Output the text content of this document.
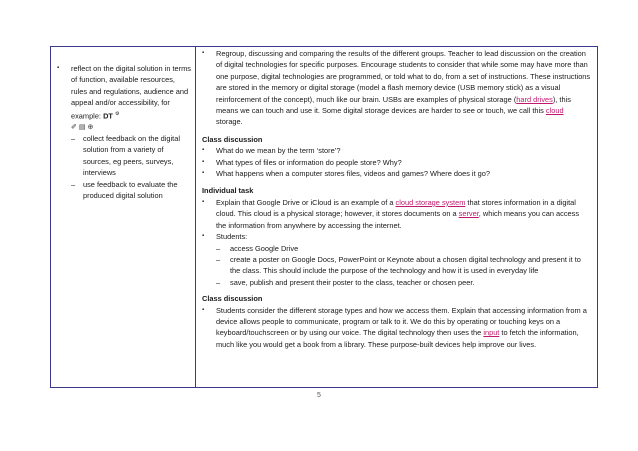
▪	reflect on the digital solution in terms of function, available resources, rules and regulations, audience and appeal and/or accessibility, for example: DT ⚙
✐ ▤ ⊕
–	collect feedback on the digital solution from a variety of sources, eg peers, surveys, interviews
–	use feedback to evaluate the produced digital solution
▪	Regroup, discussing and comparing the results of the different groups. Teacher to lead discussion on the creation of digital technologies for specific purposes. Encourage students to consider that while some may have more than one purpose, digital technologies are programmed, or told what to do, from a set of instructions. These instructions are stored in the memory or digital storage (model a flash memory device (USB memory stick) as a visual reinforcement of the concept), much like our brain. USBs are examples of physical storage (hard drives), this means we can touch and use it. Some digital storage devices are harder to see or touch, we call this cloud storage.

Class discussion
▪	What do we mean by the term ‘store’?
▪	What types of files or information do people store? Why?
▪	What happens when a computer stores files, videos and games? Where does it go?
Individual task
▪	Explain that Google Drive or iCloud is an example of a cloud storage system that stores information in a digital cloud. This cloud is a physical storage; however, it stores documents on a server, which means you can access the information from anywhere by accessing the internet.

▪	Students:
–	access Google Drive
–	create a poster on Google Docs, PowerPoint or Keynote about a chosen digital technology and present it to the class. This should include the purpose of the technology and how it is used in everyday life
–	save, publish and present their poster to the class, teacher or chosen peer.
Class discussion
▪	Students consider the different storage types and how we access them. Explain that accessing information from a device allows people to communicate, program or talk to it. We do this by operating or touching keys on a keyboard/touchscreen or by using our voice. The digital technology then uses the input to fetch the information, much like you would get a book from a library. These purpose-built devices help improve our lives.

5
